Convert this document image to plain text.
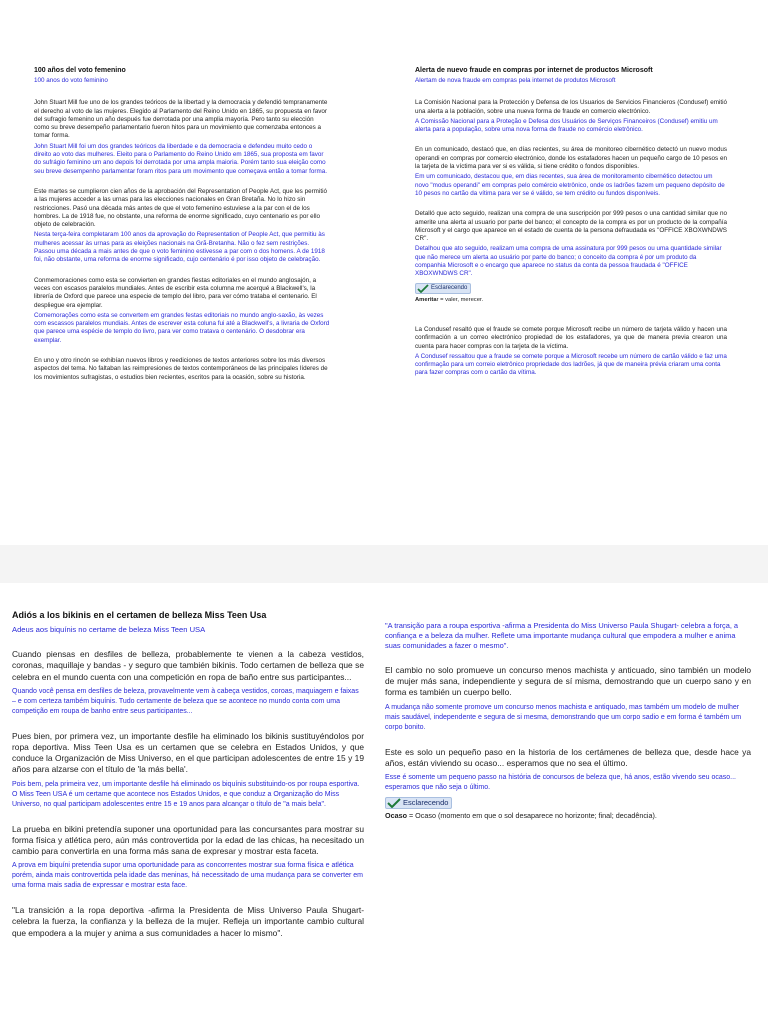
100 años del voto femenino
100 anos do voto feminino

John Stuart Mill fue uno de los grandes teóricos de la libertad y la democracia y defendió tempranamente el derecho al voto de las mujeres. Elegido al Parlamento del Reino Unido en 1865, su propuesta en favor del sufragio femenino un año después fue derrotada por una amplia mayoría. Pero tanto su elección como su breve desempeño parlamentario fueron hitos para un movimiento que comenzaba entonces a tomar forma.

John Stuart Mill foi um dos grandes teóricos da liberdade e da democracia e defendeu muito cedo o direito ao voto das mulheres. Eleito para o Parlamento do Reino Unido em 1865, sua proposta em favor do sufrágio feminino um ano depois foi derrotada por uma ampla maioria. Porém tanto sua eleição como seu breve desempenho parlamentar foram ritos para um movimento que começava então a tomar forma.

Este martes se cumplieron cien años de la aprobación del Representation of People Act, que les permitió a las mujeres acceder a las urnas para las elecciones nacionales en Gran Bretaña. No lo hizo sin restricciones. Pasó una década más antes de que el voto femenino estuviese a la par con el de los hombres. La de 1918 fue, no obstante, una reforma de enorme significado, cuyo centenario es por ello objeto de celebración.

Nesta terça-feira completaram 100 anos da aprovação do Representation of People Act, que permitiu às mulheres acessar às urnas para as eleições nacionais na Grã-Bretanha. Não o fez sem restrições. Passou uma década a mais antes de que o voto feminino estivesse a par com o dos homens. A de 1918 foi, não obstante, uma reforma de enorme significado, cujo centenário é por isso objeto de celebração.

Conmemoraciones como esta se convierten en grandes fiestas editoriales en el mundo anglosajón, a veces con escasos paralelos mundiales. Antes de escribir esta columna me acerqué a Blackwell's, la librería de Oxford que parece una especie de templo del libro, para ver cómo trataba el centenario. El despliegue era ejemplar.

Comemorações como esta se convertem em grandes festas editoriais no mundo anglo-saxão, às vezes com escassos paralelos mundiais. Antes de escrever esta coluna fui até a Blackwell's, a livraria de Oxford que parece uma espécie de templo do livro, para ver como tratava o centenário. O desdobrar era exemplar.

En uno y otro rincón se exhibían nuevos libros y reediciones de textos anteriores sobre los más diversos aspectos del tema. No faltaban las reimpresiones de textos contemporáneos de las principales líderes de los movimientos sufragistas, o estudios bien recientes, escritos para la ocasión, sobre su historia.

Alerta de nuevo fraude en compras por internet de productos Microsoft
Alertam de nova fraude em compras pela internet de produtos Microsoft

La Comisión Nacional para la Protección y Defensa de los Usuarios de Servicios Financieros (Condusef) emitió una alerta a la población, sobre una nueva forma de fraude en comercio electrónico.

A Comissão Nacional para a Proteção e Defesa dos Usuários de Serviços Financeiros (Condusef) emitiu um alerta para a população, sobre uma nova forma de fraude no comércio eletrônico.

En un comunicado, destacó que, en días recientes, su área de monitoreo cibernético detectó un nuevo modus operandi en compras por comercio electrónico, donde los estafadores hacen un pequeño cargo de 10 pesos en la tarjeta de la víctima para ver si es válida, si tiene crédito o fondos disponibles.

Em um comunicado, destacou que, em dias recentes, sua área de monitoramento cibernético detectou um novo "modus operandi" em compras pelo comércio eletrônico, onde os ladrões fazem um pequeno depósito de 10 pesos no cartão da vítima para ver se é válido, se tem crédito ou fundos disponíveis.

Detalló que acto seguido, realizan una compra de una suscripción por 999 pesos o una cantidad similar que no amerite una alerta al usuario por parte del banco; el concepto de la compra es por un producto de la compañía Microsoft y el cargo que aparece en el estado de cuenta de la persona defraudada es "OFFICE XBOXWNDWS CR".

Detalhou que ato seguido, realizam uma compra de uma assinatura por 999 pesos ou uma quantidade similar que não merece um alerta ao usuário por parte do banco; o conceito da compra é por um produto da companhia Microsoft e o encargo que aparece no status da conta da pessoa fraudada é "OFFICE XBOXWNDWS CR".

Esclarecendo
Ameritar = valer, merecer.

La Condusef resaltó que el fraude se comete porque Microsoft recibe un número de tarjeta válido y hacen una confirmación a un correo electrónico propiedad de los estafadores, ya que de manera previa crearon una cuenta para hacer compras con la tarjeta de la víctima.

A Condusef ressaltou que a fraude se comete porque a Microsoft recebe um número de cartão válido e faz uma confirmação para um correio eletrônico propriedade dos ladrões, já que de maneira prévia criaram uma conta para fazer compras com o cartão da vítima.

Adiós a los bikinis en el certamen de belleza Miss Teen Usa
Adeus aos biquínis no certame de beleza Miss Teen USA

Cuando piensas en desfiles de belleza, probablemente te vienen a la cabeza vestidos, coronas, maquillaje y bandas - y seguro que también bikinis. Todo certamen de belleza que se celebra en el mundo cuenta con una competición en ropa de baño entre sus participantes...

Quando você pensa em desfiles de beleza, provavelmente vem à cabeça vestidos, coroas, maquiagem e faixas – e com certeza também biquínis. Tudo certamente de beleza que se acontece no mundo conta com uma competição em roupa de banho entre seus participantes...

Pues bien, por primera vez, un importante desfile ha eliminado los bikinis sustituyéndolos por ropa deportiva. Miss Teen Usa es un certamen que se celebra en Estados Unidos, y que conduce la Organización de Miss Universo, en el que participan adolescentes de entre 15 y 19 años para alzarse con el título de 'la más bella'.

Pois bem, pela primeira vez, um importante desfile há eliminado os biquínis substituindo-os por roupa esportiva. O Miss Teen USA é um certame que acontece nos Estados Unidos, e que conduz a Organização do Miss Universo, no qual participam adolescentes entre 15 e 19 anos para alcançar o título de "a mais bela".

La prueba en bikini pretendía suponer una oportunidad para las concursantes para mostrar su forma física y atlética pero, aún más controvertida por la edad de las chicas, ha necesitado un cambio para convertirla en una forma más sana de expresar y mostrar esta faceta.

A prova em biquíni pretendia supor uma oportunidade para as concorrentes mostrar sua forma física e atlética porém, ainda mais controvertida pela idade das meninas, há necessitado de uma mudança para se converter em uma forma mais sadia de expressar e mostrar esta face.

"La transición a la ropa deportiva -afirma la Presidenta de Miss Universo Paula Shugart- celebra la fuerza, la confianza y la belleza de la mujer. Refleja un importante cambio cultural que empodera a la mujer y anima a sus comunidades a hacer lo mismo".

"A transição para a roupa esportiva -afirma a Presidenta do Miss Universo Paula Shugart- celebra a força, a confiança e a beleza da mulher. Reflete uma importante mudança cultural que empodera a mulher e anima suas comunidades a fazer o mesmo".

El cambio no solo promueve un concurso menos machista y anticuado, sino también un modelo de mujer más sana, independiente y segura de sí misma, demostrando que un cuerpo sano y en forma es también un cuerpo bello.

A mudança não somente promove um concurso menos machista e antiquado, mas também um modelo de mulher mais saudável, independente e segura de si mesma, demonstrando que um corpo sadio e em forma é também um corpo bonito.

Este es solo un pequeño paso en la historia de los certámenes de belleza que, desde hace ya años, están viviendo su ocaso... esperamos que no sea el último.

Esse é somente um pequeno passo na história de concursos de beleza que, há anos, estão vivendo seu ocaso... esperamos que não seja o último.

Esclarecendo
Ocaso = Ocaso (momento em que o sol desaparece no horizonte; final; decadência).
